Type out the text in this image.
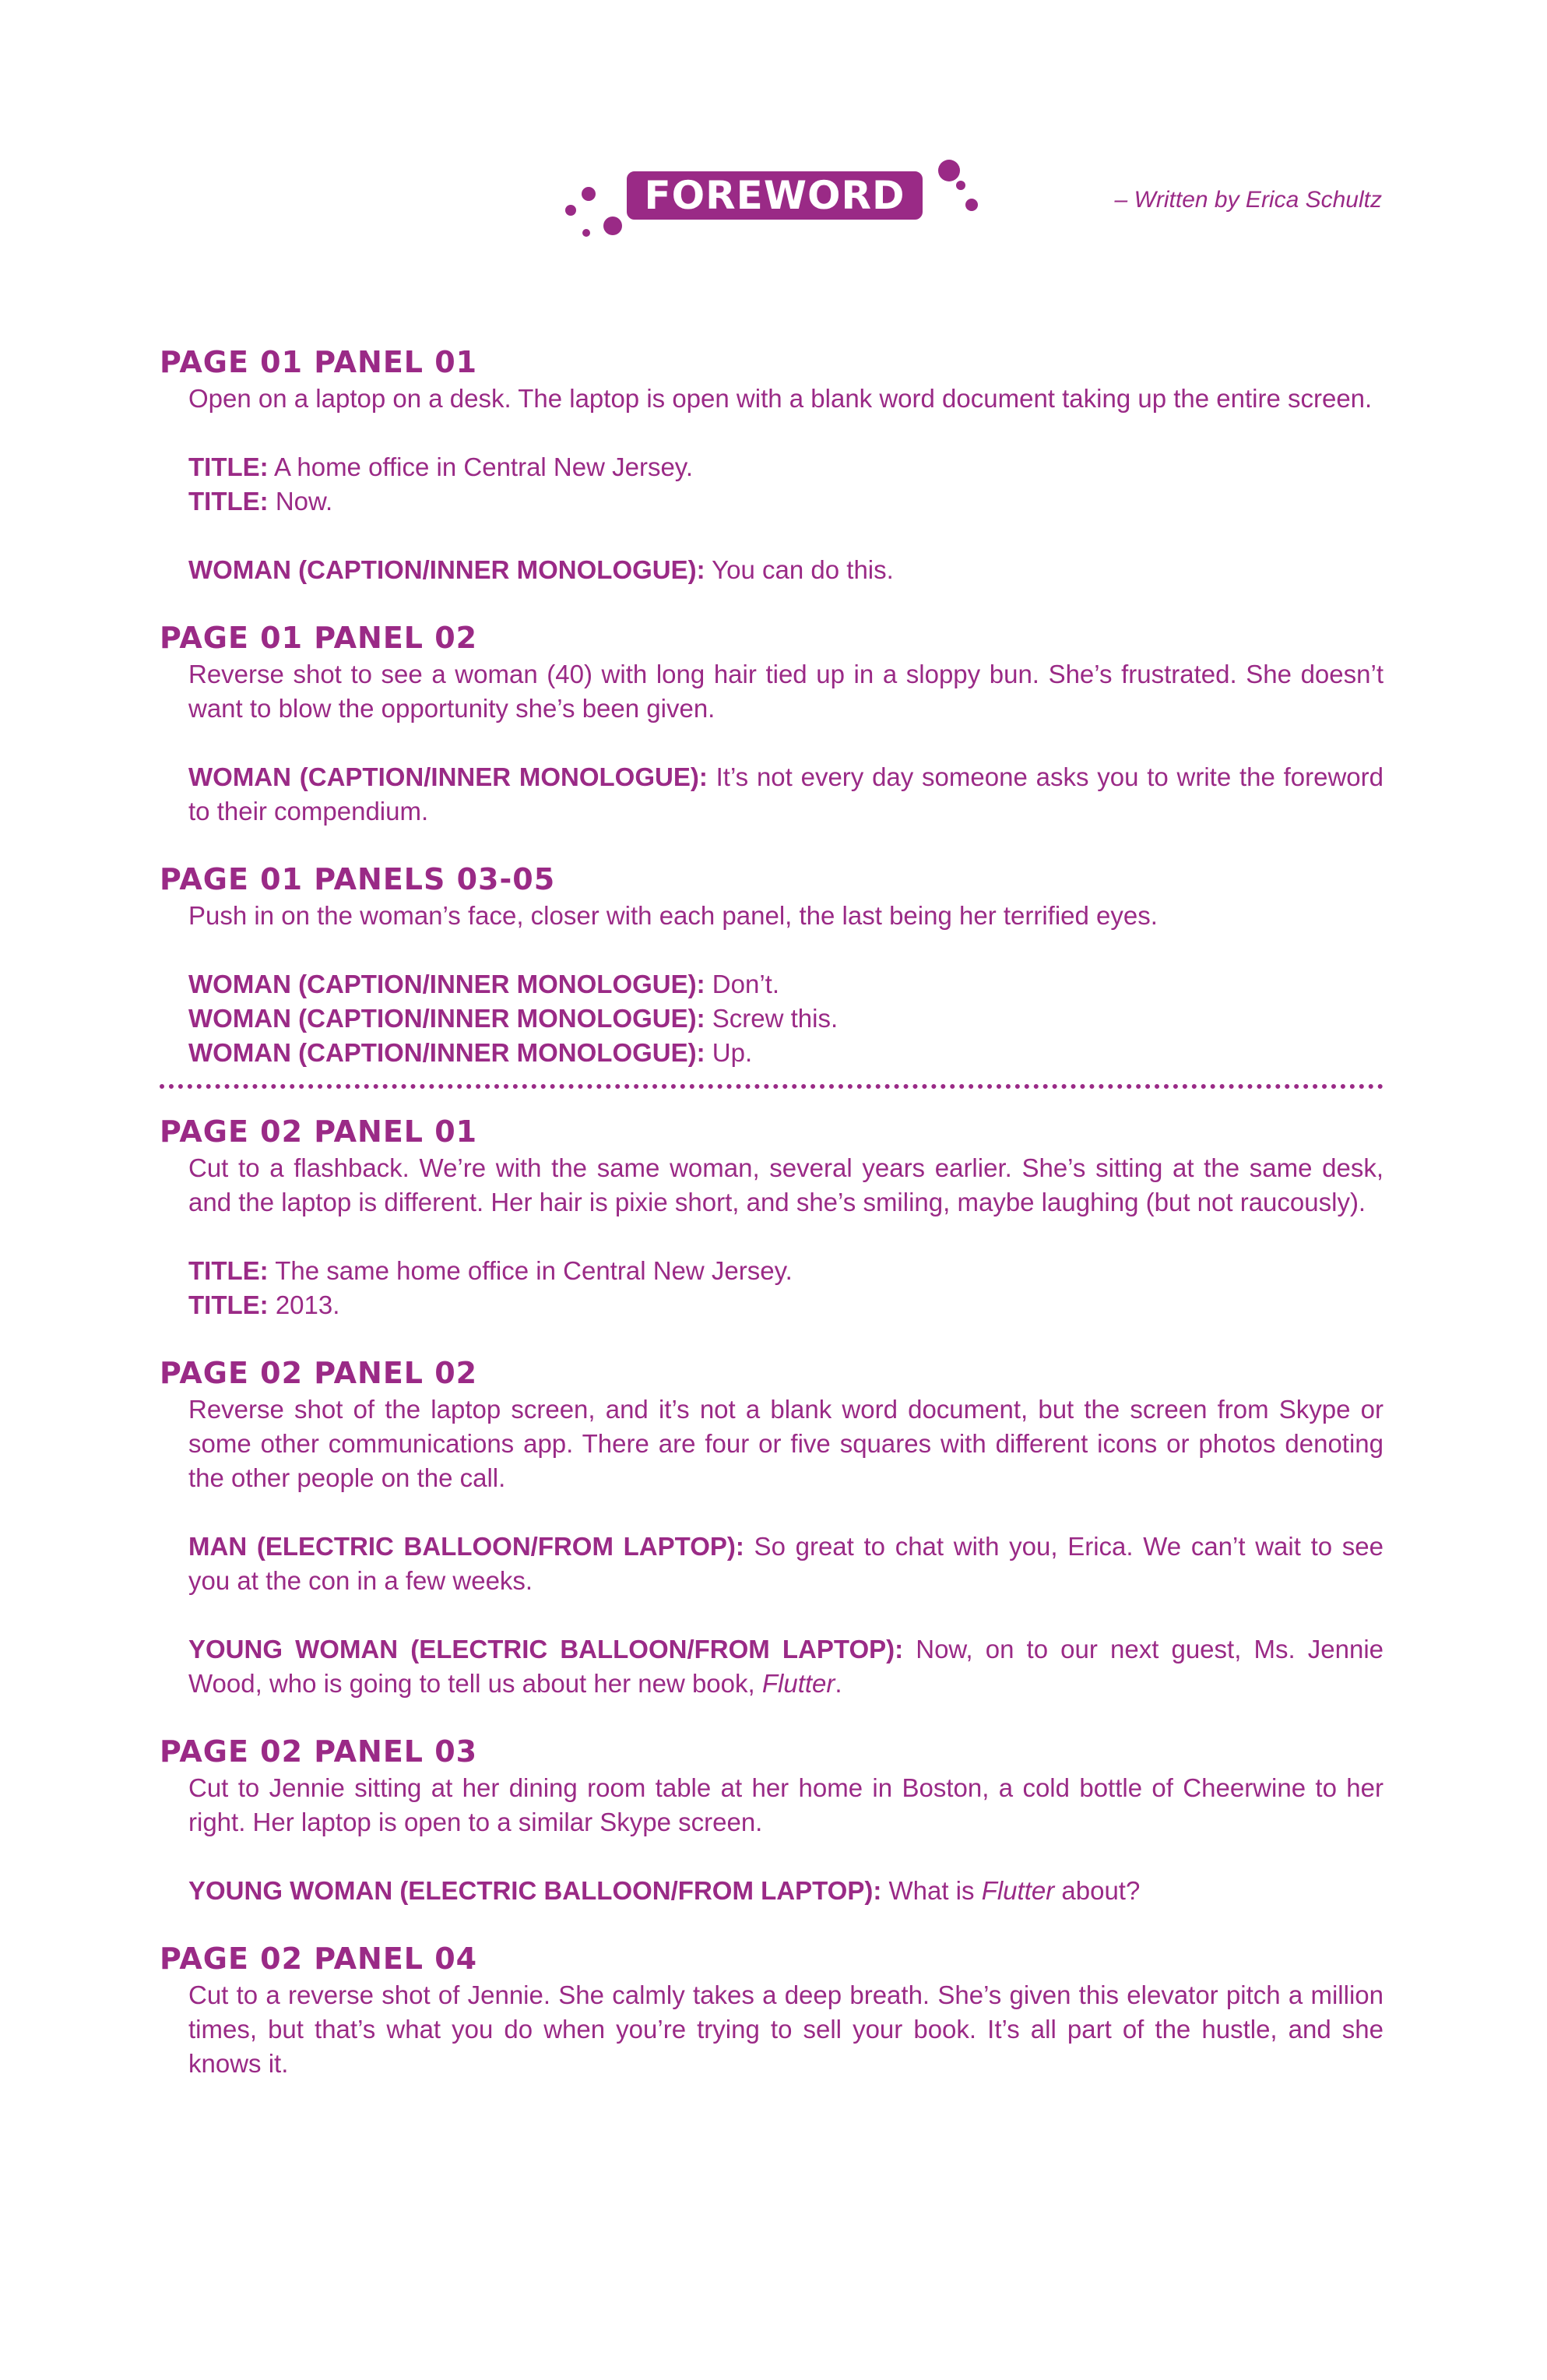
FOREWORD	– Written by Erica Schultz
PAGE 01 PANEL 01

Open on a laptop on a desk. The laptop is open with a blank word document taking up the entire screen.

TITLE: A home office in Central New Jersey.

TITLE: Now.

WOMAN (CAPTION/INNER MONOLOGUE): You can do this.

PAGE 01 PANEL 02

Reverse shot to see a woman (40) with long hair tied up in a sloppy bun. She’s frustrated. She doesn’t want to blow the opportunity she’s been given.

WOMAN (CAPTION/INNER MONOLOGUE): It’s not every day someone asks you to write the foreword to their compendium.

PAGE 01 PANELS 03-05

Push in on the woman’s face, closer with each panel, the last being her terrified eyes.

WOMAN (CAPTION/INNER MONOLOGUE): Don’t.

WOMAN (CAPTION/INNER MONOLOGUE): Screw this.

WOMAN (CAPTION/INNER MONOLOGUE): Up.

PAGE 02 PANEL 01

Cut to a flashback. We’re with the same woman, several years earlier. She’s sitting at the same desk, and the laptop is different. Her hair is pixie short, and she’s smiling, maybe laughing (but not raucously).

TITLE: The same home office in Central New Jersey.

TITLE: 2013.

PAGE 02 PANEL 02

Reverse shot of the laptop screen, and it’s not a blank word document, but the screen from Skype or some other communications app. There are four or five squares with different icons or photos denoting the other people on the call.

MAN (ELECTRIC BALLOON/FROM LAPTOP): So great to chat with you, Erica. We can’t wait to see you at the con in a few weeks.

YOUNG WOMAN (ELECTRIC BALLOON/FROM LAPTOP): Now, on to our next guest, Ms. Jennie Wood, who is going to tell us about her new book, Flutter.

PAGE 02 PANEL 03

Cut to Jennie sitting at her dining room table at her home in Boston, a cold bottle of Cheerwine to her right. Her laptop is open to a similar Skype screen.

YOUNG WOMAN (ELECTRIC BALLOON/FROM LAPTOP): What is Flutter about?

PAGE 02 PANEL 04

Cut to a reverse shot of Jennie. She calmly takes a deep breath. She’s given this elevator pitch a million times, but that’s what you do when you’re trying to sell your book. It’s all part of the hustle, and she knows it.
